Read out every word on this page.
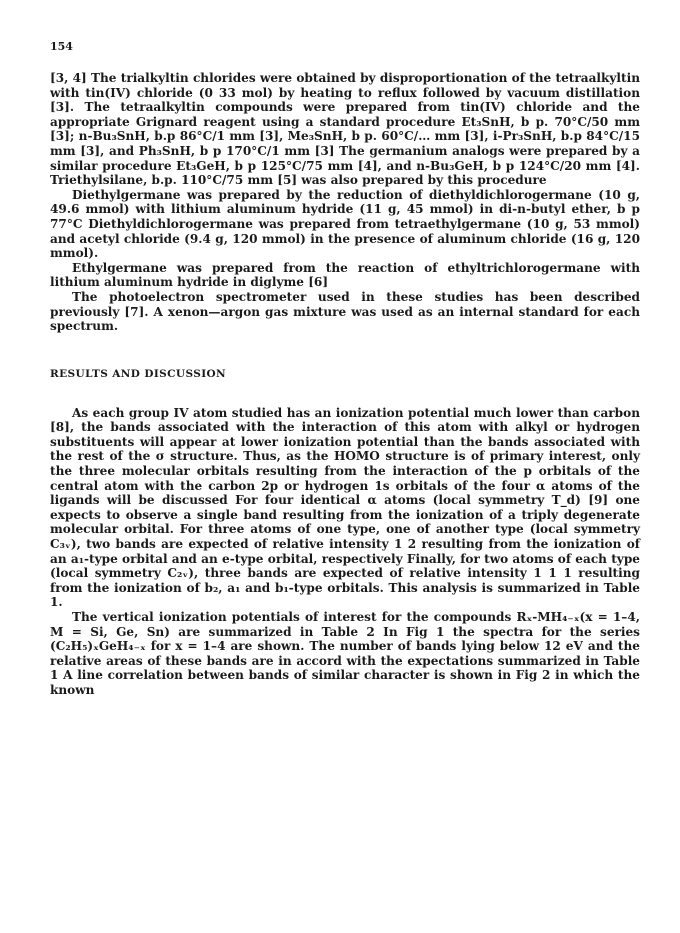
154

[3, 4] The trialkyltin chlorides were obtained by disproportionation of the tetraalkyltin with tin(IV) chloride (0 33 mol) by heating to reflux followed by vacuum distillation [3]. The tetraalkyltin compounds were prepared from tin(IV) chloride and the appropriate Grignard reagent using a standard procedure Et₃SnH, b p. 70°C/50 mm [3]; n-Bu₃SnH, b.p 86°C/1 mm [3], Me₃SnH, b p. 60°C/… mm [3], i-Pr₃SnH, b.p 84°C/15 mm [3], and Ph₃SnH, b p 170°C/1 mm [3] The germanium analogs were prepared by a similar procedure Et₃GeH, b p 125°C/75 mm [4], and n-Bu₃GeH, b p 124°C/20 mm [4]. Triethylsilane, b.p. 110°C/75 mm [5] was also prepared by this procedure

Diethylgermane was prepared by the reduction of diethyldichlorogermane (10 g, 49.6 mmol) with lithium aluminum hydride (11 g, 45 mmol) in di-n-butyl ether, b p 77°C Diethyldichlorogermane was prepared from tetraethylgermane (10 g, 53 mmol) and acetyl chloride (9.4 g, 120 mmol) in the presence of aluminum chloride (16 g, 120 mmol).

Ethylgermane was prepared from the reaction of ethyltrichlorogermane with lithium aluminum hydride in diglyme [6]

The photoelectron spectrometer used in these studies has been described previously [7]. A xenon—argon gas mixture was used as an internal standard for each spectrum.

RESULTS AND DISCUSSION

As each group IV atom studied has an ionization potential much lower than carbon [8], the bands associated with the interaction of this atom with alkyl or hydrogen substituents will appear at lower ionization potential than the bands associated with the rest of the σ structure. Thus, as the HOMO structure is of primary interest, only the three molecular orbitals resulting from the interaction of the p orbitals of the central atom with the carbon 2p or hydrogen 1s orbitals of the four α atoms of the ligands will be discussed For four identical α atoms (local symmetry T_d) [9] one expects to observe a single band resulting from the ionization of a triply degenerate molecular orbital. For three atoms of one type, one of another type (local symmetry C₃ᵥ), two bands are expected of relative intensity 1 2 resulting from the ionization of an a₁-type orbital and an e-type orbital, respectively Finally, for two atoms of each type (local symmetry C₂ᵥ), three bands are expected of relative intensity 1 1 1 resulting from the ionization of b₂, a₁ and b₁-type orbitals. This analysis is summarized in Table 1.

The vertical ionization potentials of interest for the compounds Rₓ-MH₄₋ₓ(x = 1–4, M = Si, Ge, Sn) are summarized in Table 2 In Fig 1 the spectra for the series (C₂H₅)ₓGeH₄₋ₓ for x = 1–4 are shown. The number of bands lying below 12 eV and the relative areas of these bands are in accord with the expectations summarized in Table 1 A line correlation between bands of similar character is shown in Fig 2 in which the known
